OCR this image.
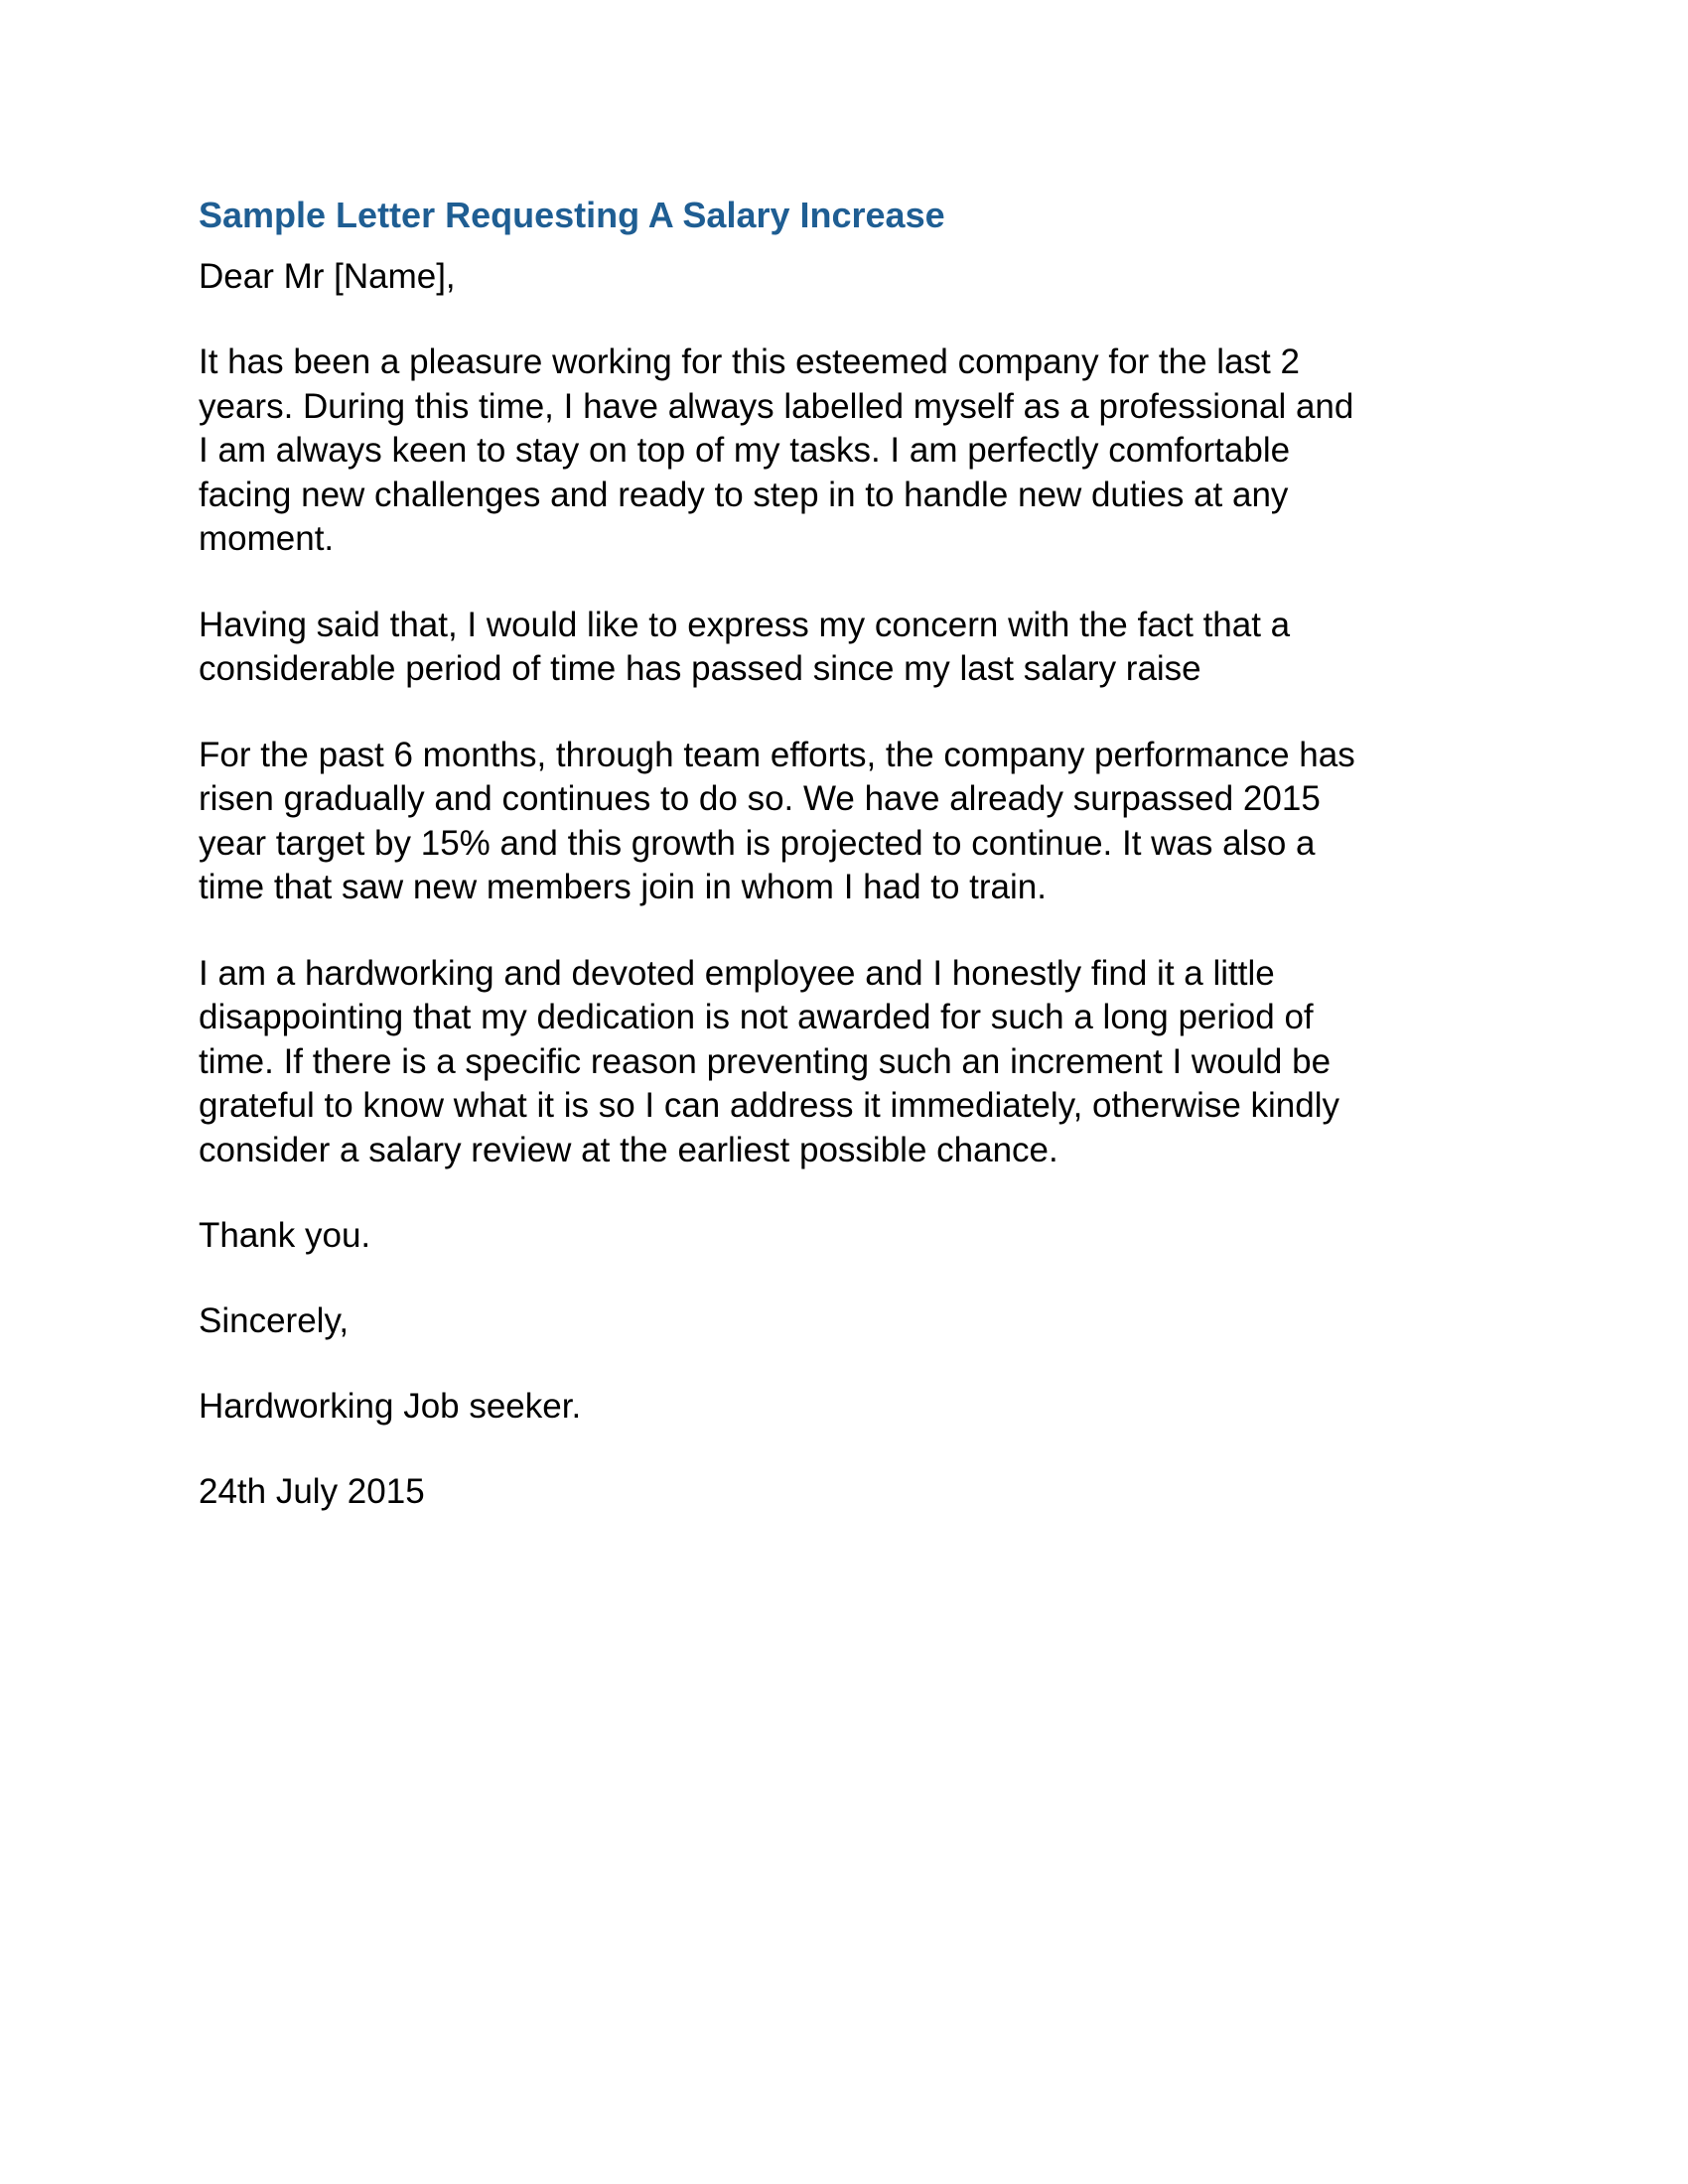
Sample Letter Requesting A Salary Increase

Dear Mr [Name],

It has been a pleasure working for this esteemed company for the last 2
years. During this time, I have always labelled myself as a professional and
I am always keen to stay on top of my tasks. I am perfectly comfortable
facing new challenges and ready to step in to handle new duties at any
moment.

Having said that, I would like to express my concern with the fact that a
considerable period of time has passed since my last salary raise

For the past 6 months, through team efforts, the company performance has
risen gradually and continues to do so. We have already surpassed 2015
year target by 15% and this growth is projected to continue. It was also a
time that saw new members join in whom I had to train.

I am a hardworking and devoted employee and I honestly find it a little
disappointing that my dedication is not awarded for such a long period of
time. If there is a specific reason preventing such an increment I would be
grateful to know what it is so I can address it immediately, otherwise kindly
consider a salary review at the earliest possible chance.

Thank you.

Sincerely,

Hardworking Job seeker.

24th July 2015
